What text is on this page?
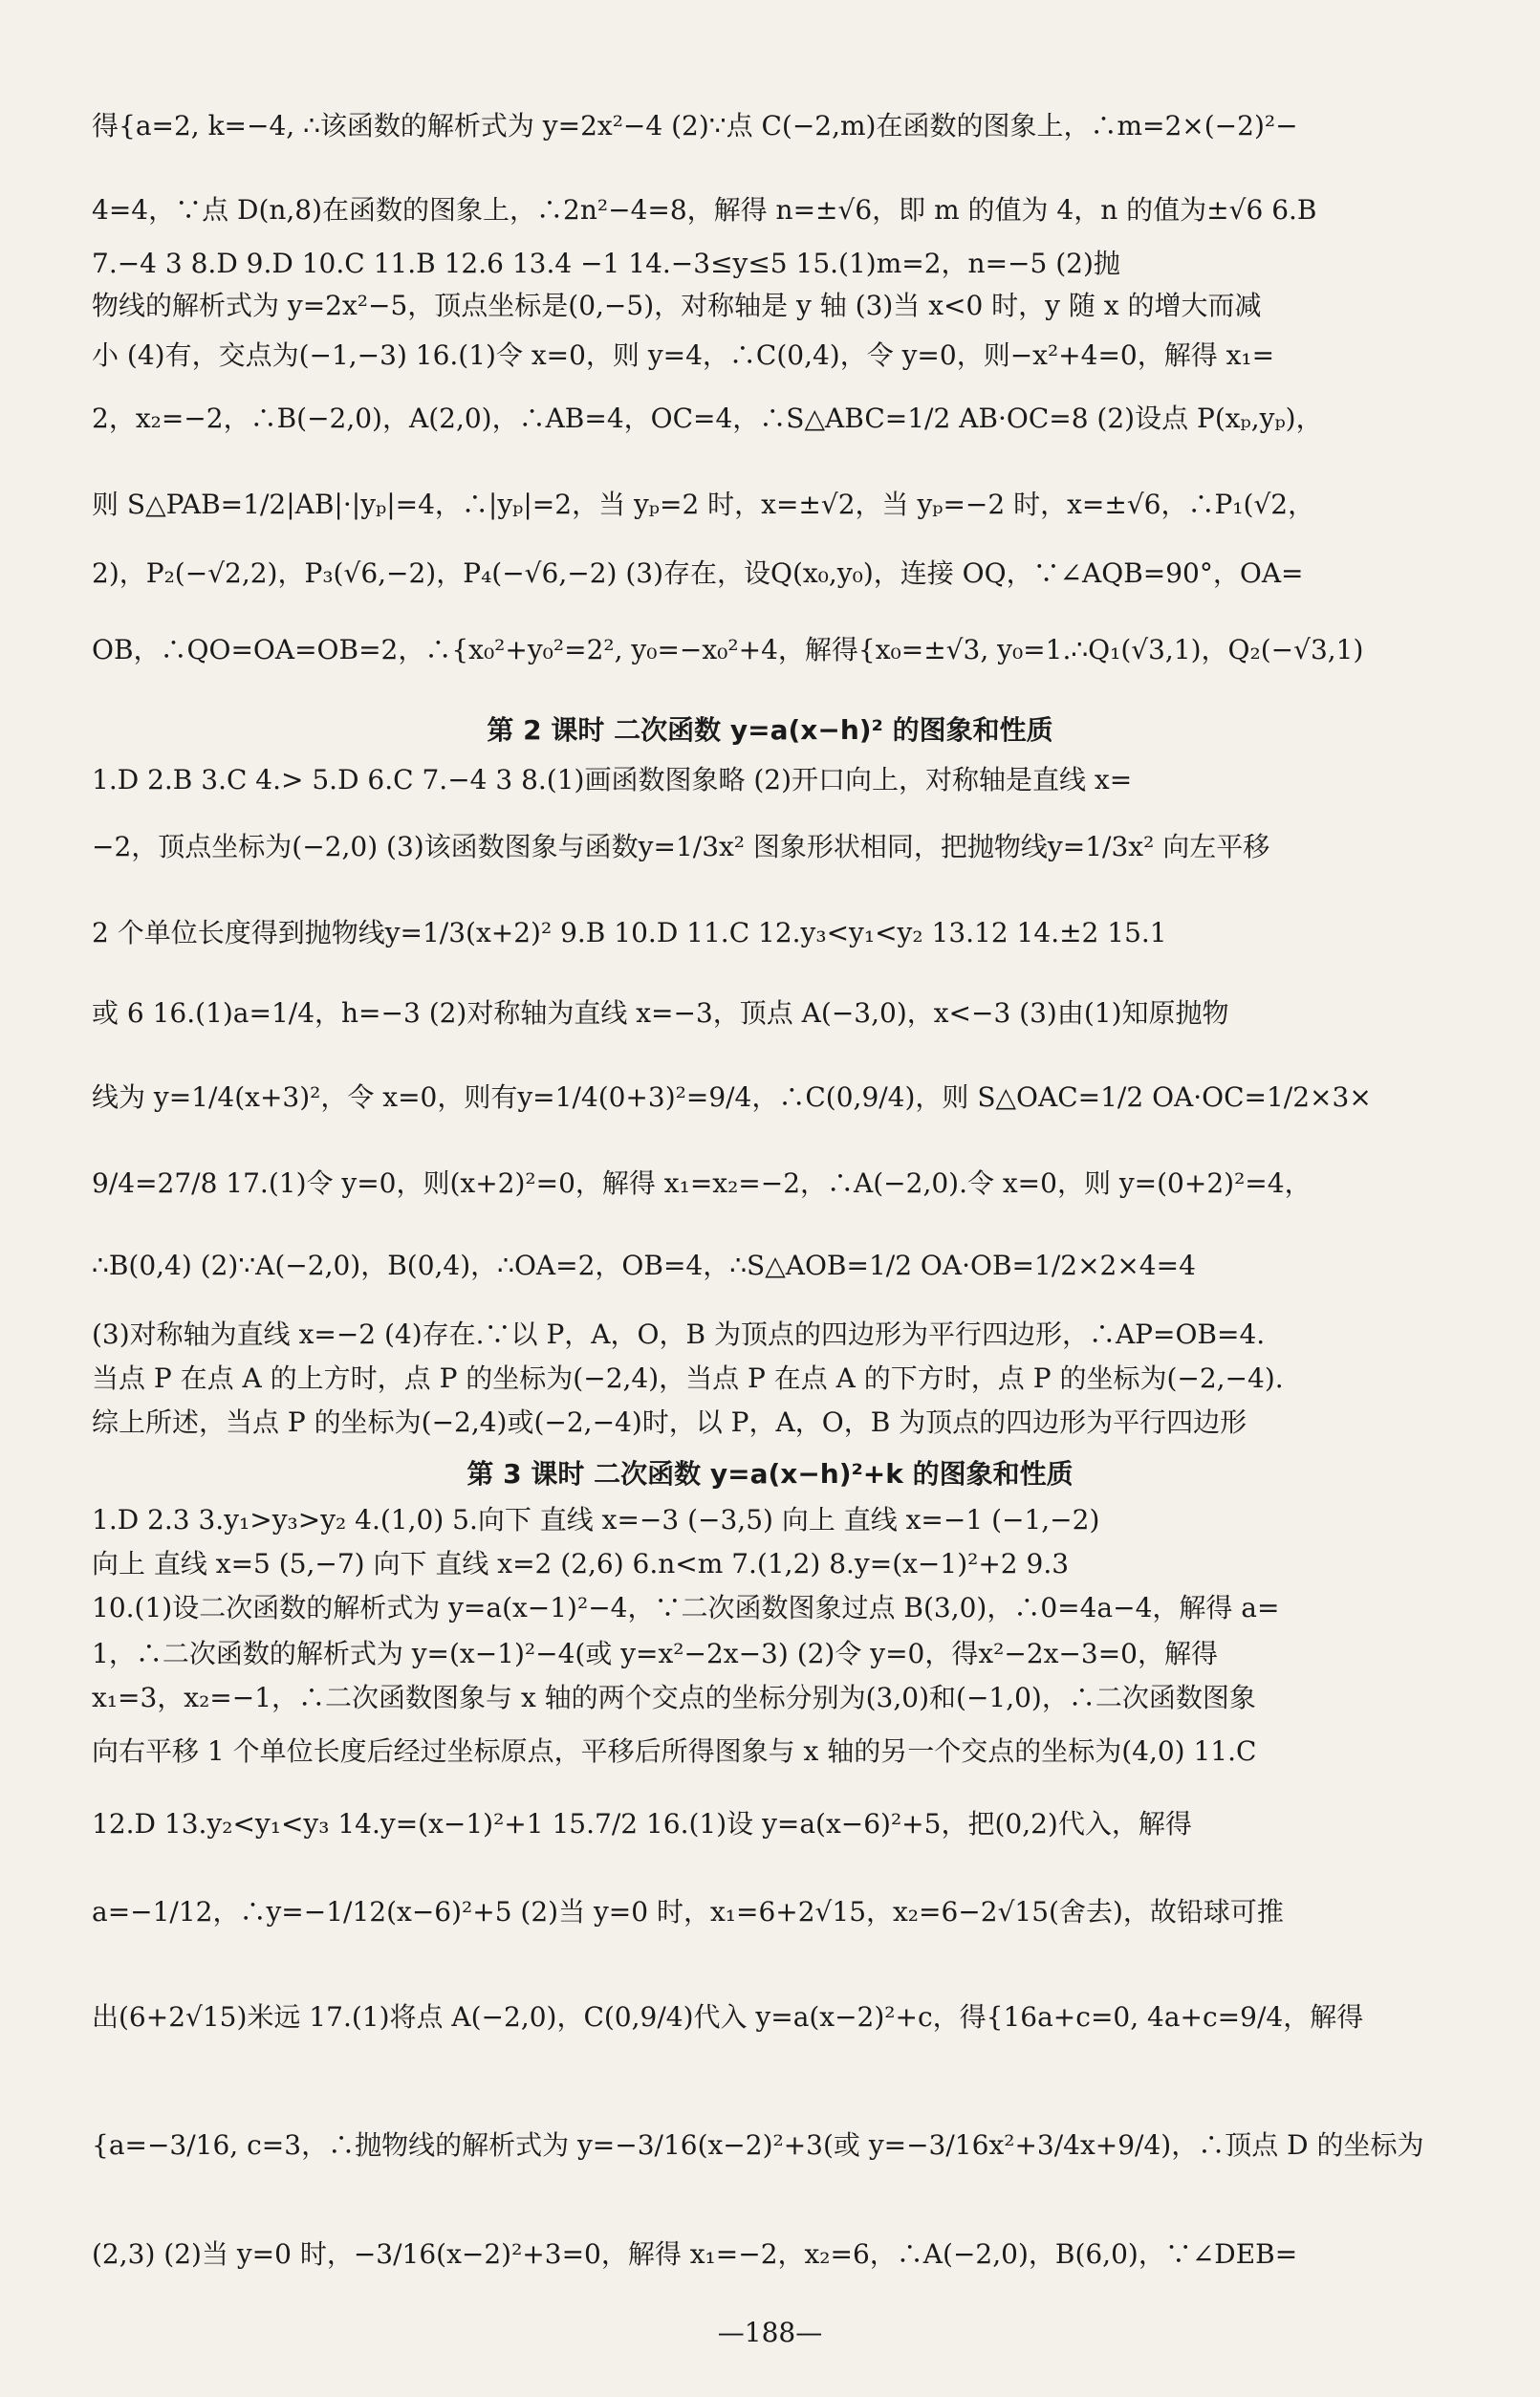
得{a=2, k=−4, ∴该函数的解析式为 y=2x²−4 (2)∵点 C(−2,m)在函数的图象上，∴m=2×(−2)²−
4=4，∵点 D(n,8)在函数的图象上，∴2n²−4=8，解得 n=±√6，即 m 的值为 4，n 的值为±√6 6.B
7.−4 3 8.D 9.D 10.C 11.B 12.6 13.4 −1 14.−3≤y≤5 15.(1)m=2，n=−5 (2)抛
物线的解析式为 y=2x²−5，顶点坐标是(0,−5)，对称轴是 y 轴 (3)当 x<0 时，y 随 x 的增大而减
小 (4)有，交点为(−1,−3) 16.(1)令 x=0，则 y=4，∴C(0,4)，令 y=0，则−x²+4=0，解得 x₁=
2，x₂=−2，∴B(−2,0)，A(2,0)，∴AB=4，OC=4，∴S△ABC=1/2 AB·OC=8 (2)设点 P(xₚ,yₚ)，
则 S△PAB=1/2|AB|·|yₚ|=4，∴|yₚ|=2，当 yₚ=2 时，x=±√2，当 yₚ=−2 时，x=±√6，∴P₁(√2，
2)，P₂(−√2,2)，P₃(√6,−2)，P₄(−√6,−2) (3)存在，设Q(x₀,y₀)，连接 OQ，∵∠AQB=90°，OA=
OB，∴QO=OA=OB=2，∴{x₀²+y₀²=2², y₀=−x₀²+4，解得{x₀=±√3, y₀=1.∴Q₁(√3,1)，Q₂(−√3,1)
第 2 课时 二次函数 y=a(x−h)² 的图象和性质
1.D 2.B 3.C 4.> 5.D 6.C 7.−4 3 8.(1)画函数图象略 (2)开口向上，对称轴是直线 x=
−2，顶点坐标为(−2,0) (3)该函数图象与函数y=1/3x² 图象形状相同，把抛物线y=1/3x² 向左平移
2 个单位长度得到抛物线y=1/3(x+2)² 9.B 10.D 11.C 12.y₃<y₁<y₂ 13.12 14.±2 15.1
或 6 16.(1)a=1/4，h=−3 (2)对称轴为直线 x=−3，顶点 A(−3,0)，x<−3 (3)由(1)知原抛物
线为 y=1/4(x+3)²，令 x=0，则有y=1/4(0+3)²=9/4，∴C(0,9/4)，则 S△OAC=1/2 OA·OC=1/2×3×
9/4=27/8 17.(1)令 y=0，则(x+2)²=0，解得 x₁=x₂=−2，∴A(−2,0).令 x=0，则 y=(0+2)²=4，
∴B(0,4) (2)∵A(−2,0)，B(0,4)，∴OA=2，OB=4，∴S△AOB=1/2 OA·OB=1/2×2×4=4
(3)对称轴为直线 x=−2 (4)存在.∵以 P，A，O，B 为顶点的四边形为平行四边形，∴AP=OB=4.
当点 P 在点 A 的上方时，点 P 的坐标为(−2,4)，当点 P 在点 A 的下方时，点 P 的坐标为(−2,−4).
综上所述，当点 P 的坐标为(−2,4)或(−2,−4)时，以 P，A，O，B 为顶点的四边形为平行四边形
第 3 课时 二次函数 y=a(x−h)²+k 的图象和性质
1.D 2.3 3.y₁>y₃>y₂ 4.(1,0) 5.向下 直线 x=−3 (−3,5) 向上 直线 x=−1 (−1,−2)
向上 直线 x=5 (5,−7) 向下 直线 x=2 (2,6) 6.n<m 7.(1,2) 8.y=(x−1)²+2 9.3
10.(1)设二次函数的解析式为 y=a(x−1)²−4，∵二次函数图象过点 B(3,0)，∴0=4a−4，解得 a=
1，∴二次函数的解析式为 y=(x−1)²−4(或 y=x²−2x−3) (2)令 y=0，得x²−2x−3=0，解得
x₁=3，x₂=−1，∴二次函数图象与 x 轴的两个交点的坐标分别为(3,0)和(−1,0)，∴二次函数图象
向右平移 1 个单位长度后经过坐标原点，平移后所得图象与 x 轴的另一个交点的坐标为(4,0) 11.C
12.D 13.y₂<y₁<y₃ 14.y=(x−1)²+1 15.7/2 16.(1)设 y=a(x−6)²+5，把(0,2)代入，解得
a=−1/12，∴y=−1/12(x−6)²+5 (2)当 y=0 时，x₁=6+2√15，x₂=6−2√15(舍去)，故铅球可推
出(6+2√15)米远 17.(1)将点 A(−2,0)，C(0,9/4)代入 y=a(x−2)²+c，得{16a+c=0, 4a+c=9/4，解得
{a=−3/16, c=3，∴抛物线的解析式为 y=−3/16(x−2)²+3(或 y=−3/16x²+3/4x+9/4)，∴顶点 D 的坐标为
(2,3) (2)当 y=0 时，−3/16(x−2)²+3=0，解得 x₁=−2，x₂=6，∴A(−2,0)，B(6,0)，∵∠DEB=
—188—
